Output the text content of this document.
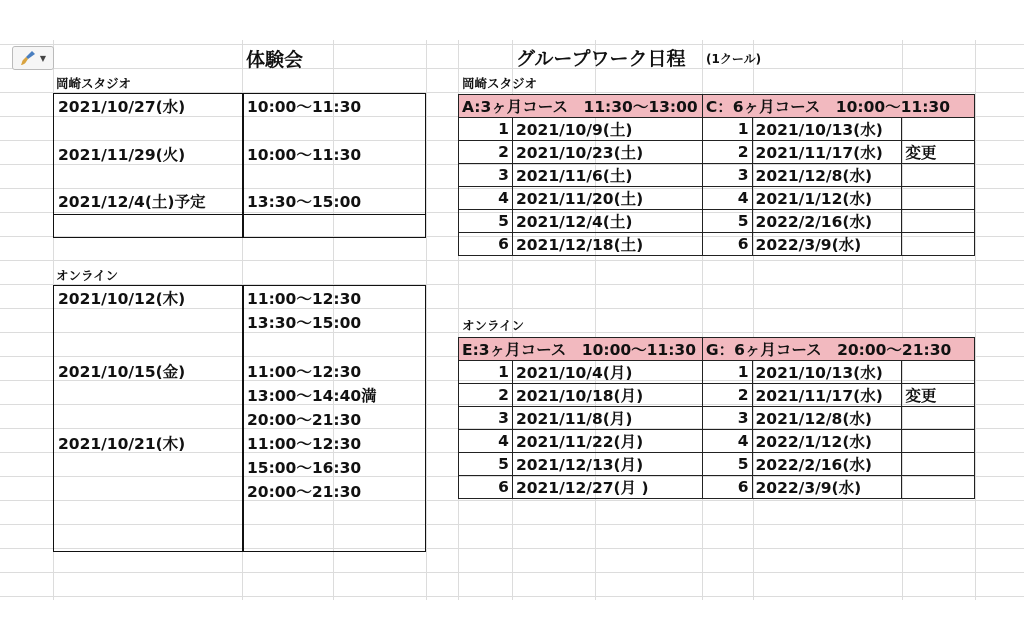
▼	体験会
岡崎スタジオ
2021/10/27(水)	10:00～11:30
2021/11/29(火)	10:00～11:30
2021/12/4(土)予定	13:30～15:00
オンライン
2021/10/12(木)	11:00～12:30
13:30～15:00
2021/10/15(金)	11:00～12:30
13:00～14:40満
20:00～21:30
2021/10/21(木)	11:00～12:30
15:00～16:30
20:00～21:30
グループワーク日程 (1クール)
岡崎スタジオ
A:3ヶ月コース　11:30～13:00		C：6ヶ月コース　10:00～11:30		
1	2021/10/9(土)	1	2021/10/13(水)	
2	2021/10/23(土)	2	2021/11/17(水)	変更
3	2021/11/6(土)	3	2021/12/8(水)	
4	2021/11/20(土)	4	2021/1/12(水)	
5	2021/12/4(土)	5	2022/2/16(水)	
6	2021/12/18(土)	6	2022/3/9(水)	
オンライン
E:3ヶ月コース　10:00～11:30		G：6ヶ月コース　20:00～21:30		
1	2021/10/4(月)	1	2021/10/13(水)	
2	2021/10/18(月)	2	2021/11/17(水)	変更
3	2021/11/8(月)	3	2021/12/8(水)	
4	2021/11/22(月)	4	2022/1/12(水)	
5	2021/12/13(月)	5	2022/2/16(水)	
6	2021/12/27(月 )	6	2022/3/9(水)	
